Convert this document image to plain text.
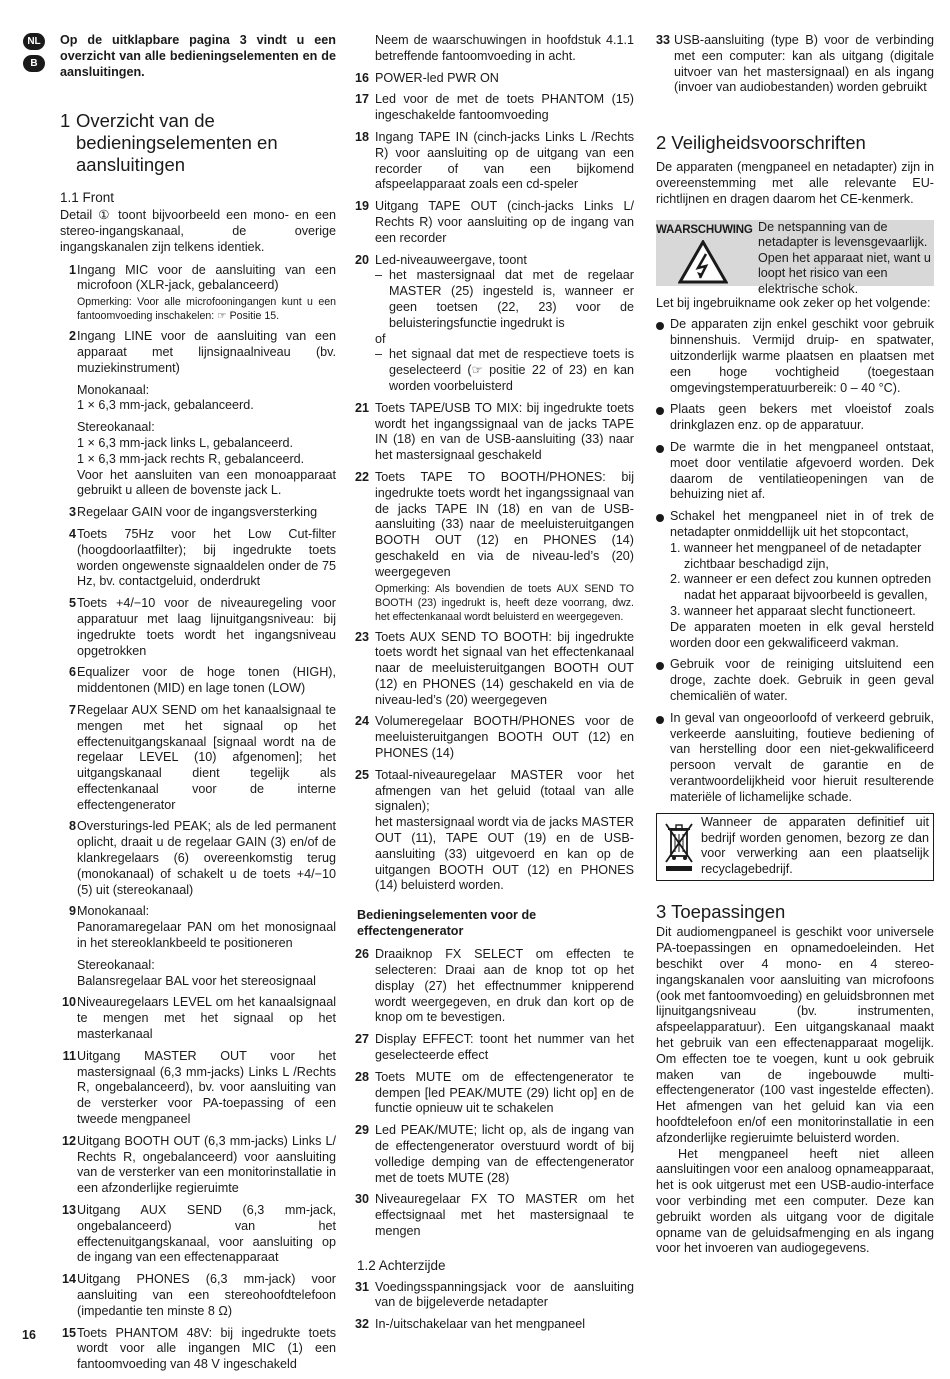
NL
B

Op de uitklapbare pagina 3 vindt u een overzicht van alle bedieningselementen en de aansluitingen.

1 Overzicht van de bedieningselementen en aansluitingen
1.1 Front

Detail ① toont bijvoorbeeld een mono- en een stereo-ingangskanaal, de overige ingangskanalen zijn telkens identiek.

1 Ingang MIC voor de aansluiting van een microfoon (XLR-jack, gebalanceerd)
Opmerking: Voor alle microfooningangen kunt u een fantoomvoeding inschakelen: ☞ Positie 15.
2 Ingang LINE voor de aansluiting van een apparaat met lijnsignaalniveau (bv. muziekinstrument)
Monokanaal:
1 × 6,3 mm-jack, gebalanceerd.
Stereokanaal:
1 × 6,3 mm-jack links L, gebalanceerd.
1 × 6,3 mm-jack rechts R, gebalanceerd.
Voor het aansluiten van een monoapparaat gebruikt u alleen de bovenste jack L.
3 Regelaar GAIN voor de ingangsversterking
4 Toets 75Hz voor het Low Cut-filter (hoogdoorlaatfilter); bij ingedrukte toets worden ongewenste signaaldelen onder de 75 Hz, bv. contactgeluid, onderdrukt
5 Toets +4/−10 voor de niveauregeling voor apparatuur met laag lijnuitgangsniveau: bij ingedrukte toets wordt het ingangsniveau opgetrokken
6 Equalizer voor de hoge tonen (HIGH), middentonen (MID) en lage tonen (LOW)
7 Regelaar AUX SEND om het kanaalsignaal te mengen met het signaal op het effectenuitgangskanaal [signaal wordt na de regelaar LEVEL (10) afgenomen]; het uitgangskanaal dient tegelijk als effectenkanaal voor de interne effectengenerator
8 Oversturings-led PEAK; als de led permanent oplicht, draait u de regelaar GAIN (3) en/of de klankregelaars (6) overeenkomstig terug (monokanaal) of schakelt u de toets +4/−10 (5) uit (stereokanaal)
9 Monokanaal:
Panoramaregelaar PAN om het monosignaal in het stereoklankbeeld te positioneren
Stereokanaal:
Balansregelaar BAL voor het stereosignaal
10 Niveauregelaars LEVEL om het kanaalsignaal te mengen met het signaal op het masterkanaal
11 Uitgang MASTER OUT voor het mastersignaal (6,3 mm-jacks) Links L /Rechts R, ongebalanceerd), bv. voor aansluiting van de versterker voor PA-toepassing of een tweede mengpaneel
12 Uitgang BOOTH OUT (6,3 mm-jacks) Links L/ Rechts R, ongebalanceerd) voor aansluiting van de versterker van een monitorinstallatie in een afzonderlijke regieruimte
13 Uitgang AUX SEND (6,3 mm-jack, ongebalanceerd) van het effectenuitgangskanaal, voor aansluiting op de ingang van een effectenapparaat
14 Uitgang PHONES (6,3 mm-jack) voor aansluiting van een stereohoofdtelefoon (impedantie ten minste 8 Ω)
15 Toets PHANTOM 48V: bij ingedrukte toets wordt voor alle ingangen MIC (1) een fantoomvoeding van 48 V ingeschakeld

Neem de waarschuwingen in hoofdstuk 4.1.1 betreffende fantoomvoeding in acht.

16 POWER-led PWR ON
17 Led voor de met de toets PHANTOM (15) ingeschakelde fantoomvoeding
18 Ingang TAPE IN (cinch-jacks Links L /Rechts R) voor aansluiting op de uitgang van een recorder of van een bijkomend afspeelapparaat zoals een cd-speler
19 Uitgang TAPE OUT (cinch-jacks Links L/ Rechts R) voor aansluiting op de ingang van een recorder
20 Led-niveauweergave, toont
– het mastersignaal dat met de regelaar MASTER (25) ingesteld is, wanneer er geen toetsen (22, 23) voor de beluisteringsfunctie ingedrukt is
of
– het signaal dat met de respectieve toets is geselecteerd (☞ positie 22 of 23) en kan worden voorbeluisterd
21 Toets TAPE/USB TO MIX: bij ingedrukte toets wordt het ingangssignaal van de jacks TAPE IN (18) en van de USB-aansluiting (33) naar het mastersignaal geschakeld
22 Toets TAPE TO BOOTH/PHONES: bij ingedrukte toets wordt het ingangssignaal van de jacks TAPE IN (18) en van de USB-aansluiting (33) naar de meeluisteruitgangen BOOTH OUT (12) en PHONES (14) geschakeld en via de niveau-led’s (20) weergegeven
Opmerking: Als bovendien de toets AUX SEND TO BOOTH (23) ingedrukt is, heeft deze voorrang, dwz. het effectenkanaal wordt beluisterd en weergegeven.
23 Toets AUX SEND TO BOOTH: bij ingedrukte toets wordt het signaal van het effectenkanaal naar de meeluisteruitgangen BOOTH OUT (12) en PHONES (14) geschakeld en via de niveau-led’s (20) weergegeven
24 Volumeregelaar BOOTH/PHONES voor de meeluisteruitgangen BOOTH OUT (12) en PHONES (14)
25 Totaal-niveauregelaar MASTER voor het afmengen van het geluid (totaal van alle signalen);
het mastersignaal wordt via de jacks MASTER OUT (11), TAPE OUT (19) en de USB-aansluiting (33) uitgevoerd en kan op de uitgangen BOOTH OUT (12) en PHONES (14) beluisterd worden.
Bedieningselementen voor de effectengenerator
26 Draaiknop FX SELECT om effecten te selecteren: Draai aan de knop tot op het display (27) het effectnummer knipperend wordt weergegeven, en druk dan kort op de knop om te bevestigen.
27 Display EFFECT: toont het nummer van het geselecteerde effect
28 Toets MUTE om de effectengenerator te dempen [led PEAK/MUTE (29) licht op] en de functie opnieuw uit te schakelen
29 Led PEAK/MUTE; licht op, als de ingang van de effectengenerator overstuurd wordt of bij volledige demping van de effectengenerator met de toets MUTE (28)
30 Niveauregelaar FX TO MASTER om het effectsignaal met het mastersignaal te mengen
1.2 Achterzijde
31 Voedingsspanningsjack voor de aansluiting van de bijgeleverde netadapter
32 In-/uitschakelaar van het mengpaneel
33 USB-aansluiting (type B) voor de verbinding met een computer: kan als uitgang (digitale uitvoer van het mastersignaal) en als ingang (invoer van audiobestanden) worden gebruikt
2 Veiligheidsvoorschriften

De apparaten (mengpaneel en netadapter) zijn in overeenstemming met alle relevante EU-richtlijnen en dragen daarom het CE-kenmerk.

WAARSCHUWING De netspanning van de netadapter is levensgevaarlijk. Open het apparaat niet, want u loopt het risico van een elektrische schok.

Let bij ingebruikname ook zeker op het volgende:

De apparaten zijn enkel geschikt voor gebruik binnenshuis. Vermijd druip- en spatwater, uitzonderlijk warme plaatsen en plaatsen met een hoge vochtigheid (toegestaan omgevingstemperatuurbereik: 0 – 40 °C).
Plaats geen bekers met vloeistof zoals drinkglazen enz. op de apparatuur.
De warmte die in het mengpaneel ontstaat, moet door ventilatie afgevoerd worden. Dek daarom de ventilatieopeningen van de behuizing niet af.
Schakel het mengpaneel niet in of trek de netadapter onmiddellijk uit het stopcontact,
1. wanneer het mengpaneel of de netadapter zichtbaar beschadigd zijn,
2. wanneer er een defect zou kunnen optreden nadat het apparaat bijvoorbeeld is gevallen,
3. wanneer het apparaat slecht functioneert.

De apparaten moeten in elk geval hersteld worden door een gekwalificeerd vakman.

Gebruik voor de reiniging uitsluitend een droge, zachte doek. Gebruik in geen geval chemicaliën of water.
In geval van ongeoorloofd of verkeerd gebruik, verkeerde aansluiting, foutieve bediening of van herstelling door een niet-gekwalificeerd persoon vervalt de garantie en de verantwoordelijkheid voor hieruit resulterende materiële of lichamelijke schade.
Wanneer de apparaten definitief uit bedrijf worden genomen, bezorg ze dan voor verwerking aan een plaatselijk recyclagebedrijf.
3 Toepassingen

Dit audiomengpaneel is geschikt voor universele PA-toepassingen en opnamedoeleinden. Het beschikt over 4 mono- en 4 stereo-ingangskanalen voor aansluiting van microfoons (ook met fantoomvoeding) en geluidsbronnen met lijnuitgangsniveau (bv. instrumenten, afspeelapparatuur). Een uitgangskanaal maakt het gebruik van een effectenapparaat mogelijk. Om effecten toe te voegen, kunt u ook gebruik maken van de ingebouwde multi-effectengenerator (100 vast ingestelde effecten). Het afmengen van het geluid kan via een hoofdtelefoon en/of een monitorinstallatie in een afzonderlijke regieruimte beluisterd worden.

Het mengpaneel heeft niet alleen aansluitingen voor een analoog opnameapparaat, het is ook uitgerust met een USB-audio-interface voor verbinding met een computer. Deze kan gebruikt worden als uitgang voor de digitale opname van de geluidsafmenging en als ingang voor het invoeren van audiogegevens.

16
